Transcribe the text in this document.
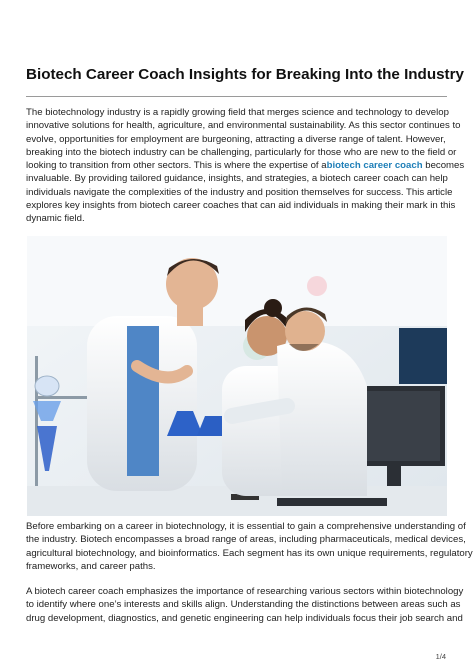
Biotech Career Coach Insights for Breaking Into the Industry
The biotechnology industry is a rapidly growing field that merges science and technology to develop
innovative solutions for health, agriculture, and environmental sustainability. As this sector continues to
evolve, opportunities for employment are burgeoning, attracting a diverse range of talent. However,
breaking into the biotech industry can be challenging, particularly for those who are new to the field or
looking to transition from other sectors. This is where the expertise of abiotech career coach becomes
invaluable. By providing tailored guidance, insights, and strategies, a biotech career coach can help
individuals navigate the complexities of the industry and position themselves for success. This article
explores key insights from biotech career coaches that can aid individuals in making their mark in this
dynamic field.
Before embarking on a career in biotechnology, it is essential to gain a comprehensive understanding of
the industry. Biotech encompasses a broad range of areas, including pharmaceuticals, medical devices,
agricultural biotechnology, and bioinformatics. Each segment has its own unique requirements, regulatory
frameworks, and career paths.
A biotech career coach emphasizes the importance of researching various sectors within biotechnology
to identify where one’s interests and skills align. Understanding the distinctions between areas such as
drug development, diagnostics, and genetic engineering can help individuals focus their job search and
1/4
